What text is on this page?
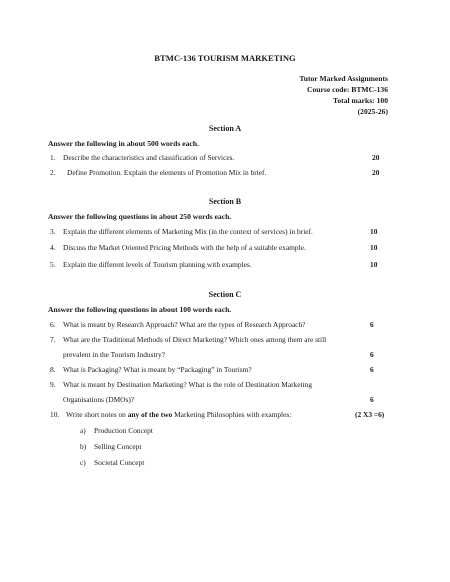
BTMC-136 TOURISM MARKETING
Tutor Marked Assignments
Course code: BTMC-136
Total marks: 100
(2025-26)
Section A
Answer the following in about 500 words each.
1. Describe the characteristics and classification of Services.	20
2. Define Promotion. Explain the elements of Promotion Mix in brief.	20
Section B
Answer the following questions in about 250 words each.
3. Explain the different elements of Marketing Mix (in the context of services) in brief.	10
4. Discuss the Market Oriented Pricing Methods with the help of a suitable example.	10
5. Explain the different levels of Tourism planning with examples.	10
Section C
Answer the following questions in about 100 words each.
6. What is meant by Research Approach? What are the types of Research Approach?	6
7. What are the Traditional Methods of Direct Marketing? Which ones among them are still
prevalent in the Tourism Industry?	6
8. What is Packaging? What is meant by “Packaging” in Tourism?	6
9. What is meant by Destination Marketing? What is the role of Destination Marketing
Organisations (DMOs)?	6
10. Write short notes on any of the two Marketing Philosophies with examples:	(2 X3 =6)
a) Production Concept
b) Selling Concept
c) Societal Concept
